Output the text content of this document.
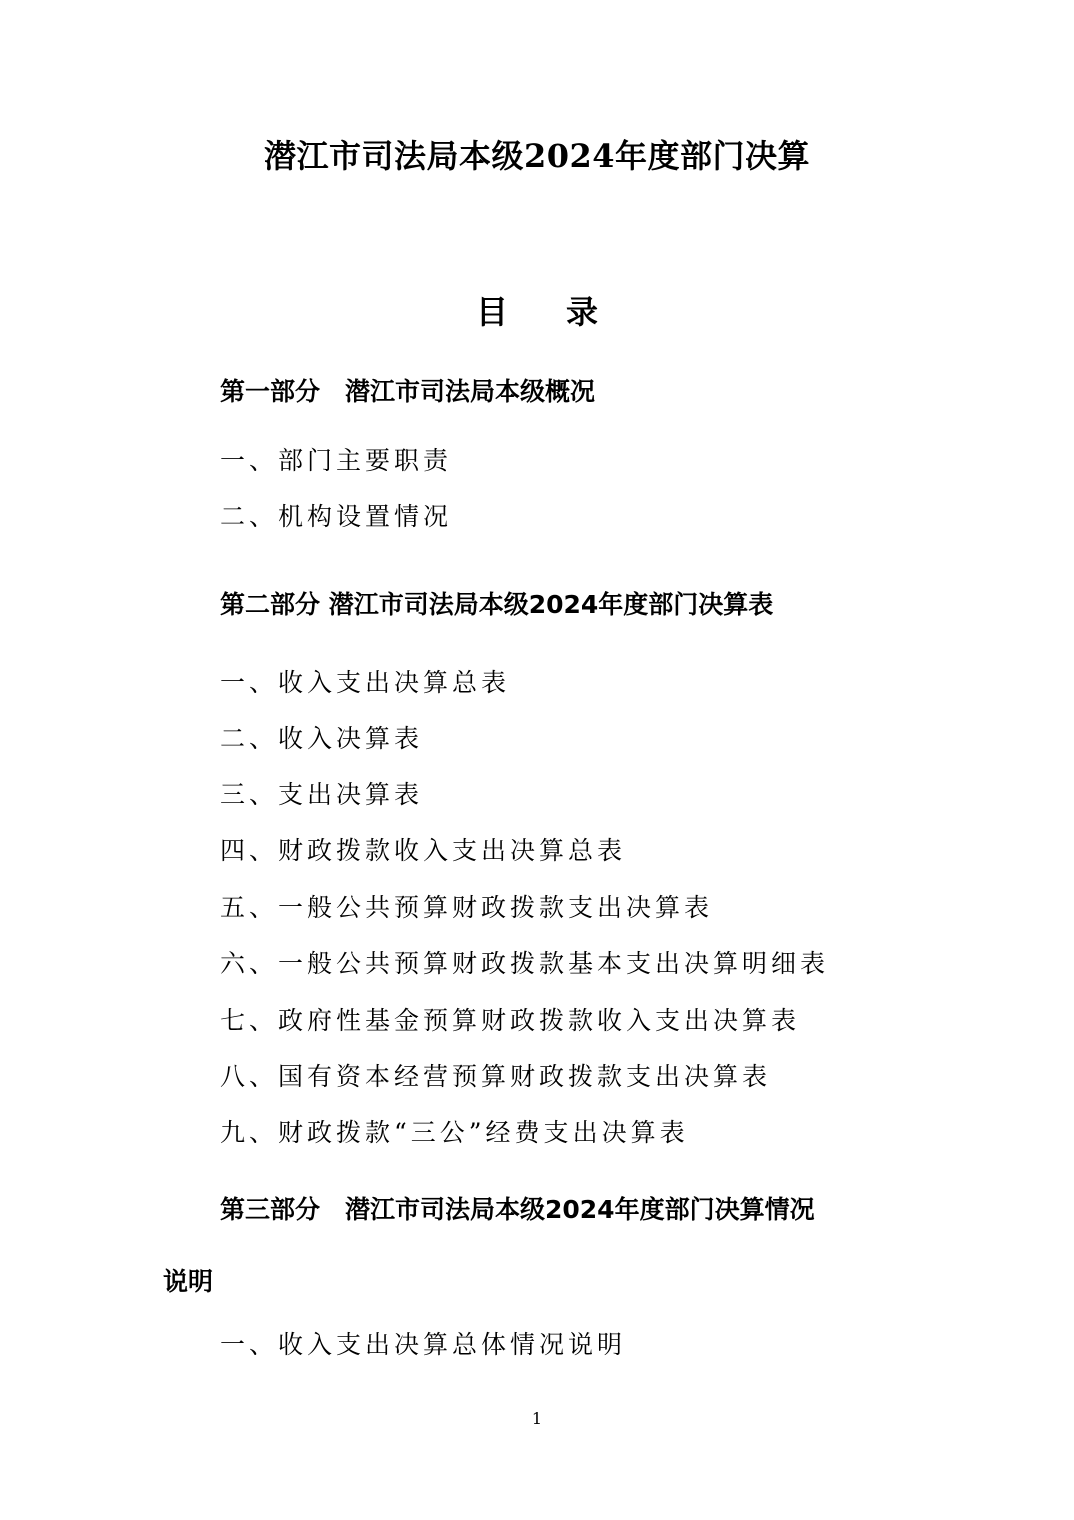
潜江市司法局本级2024年度部门决算
目录
第一部分　潜江市司法局本级概况
一、部门主要职责
二、机构设置情况
第二部分 潜江市司法局本级2024年度部门决算表
一、收入支出决算总表
二、收入决算表
三、支出决算表
四、财政拨款收入支出决算总表
五、一般公共预算财政拨款支出决算表
六、一般公共预算财政拨款基本支出决算明细表
七、政府性基金预算财政拨款收入支出决算表
八、国有资本经营预算财政拨款支出决算表
九、财政拨款“三公”经费支出决算表
第三部分　潜江市司法局本级2024年度部门决算情况
说明
一、收入支出决算总体情况说明
1
